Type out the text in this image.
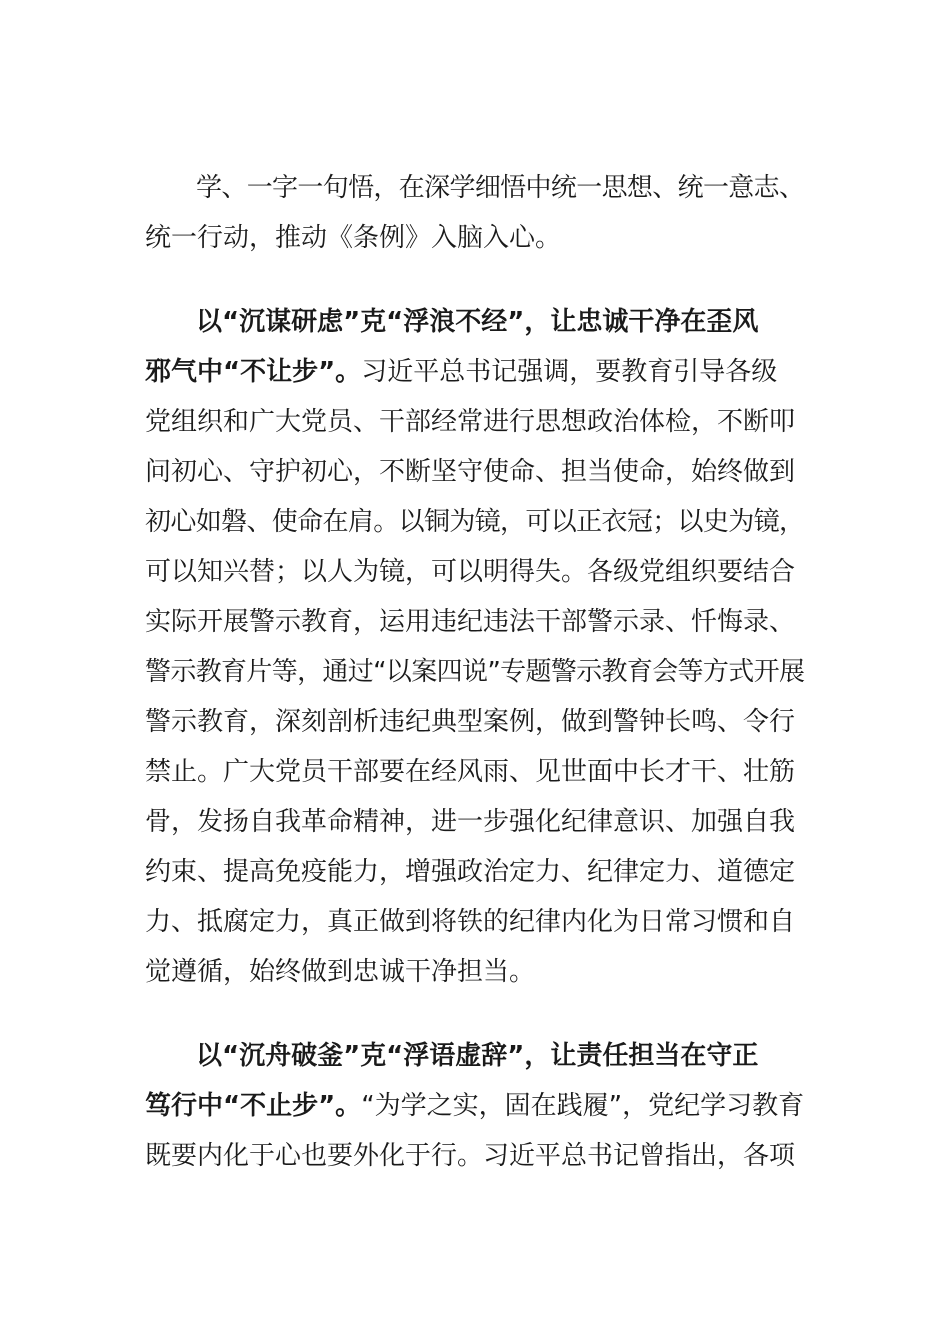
学、一字一句悟，在深学细悟中统一思想、统一意志、
统一行动，推动《条例》入脑入心。
以“沉谋研虑”克“浮浪不经”，让忠诚干净在歪风
邪气中“不让步”。习近平总书记强调，要教育引导各级
党组织和广大党员、干部经常进行思想政治体检，不断叩
问初心、守护初心，不断坚守使命、担当使命，始终做到
初心如磐、使命在肩。以铜为镜，可以正衣冠；以史为镜，
可以知兴替；以人为镜，可以明得失。各级党组织要结合
实际开展警示教育，运用违纪违法干部警示录、忏悔录、
警示教育片等，通过“以案四说”专题警示教育会等方式开展
警示教育，深刻剖析违纪典型案例，做到警钟长鸣、令行
禁止。广大党员干部要在经风雨、见世面中长才干、壮筋
骨，发扬自我革命精神，进一步强化纪律意识、加强自我
约束、提高免疫能力，增强政治定力、纪律定力、道德定
力、抵腐定力，真正做到将铁的纪律内化为日常习惯和自
觉遵循，始终做到忠诚干净担当。
以“沉舟破釜”克“浮语虚辞”，让责任担当在守正
笃行中“不止步”。“为学之实，固在践履”，党纪学习教育
既要内化于心也要外化于行。习近平总书记曾指出，各项
